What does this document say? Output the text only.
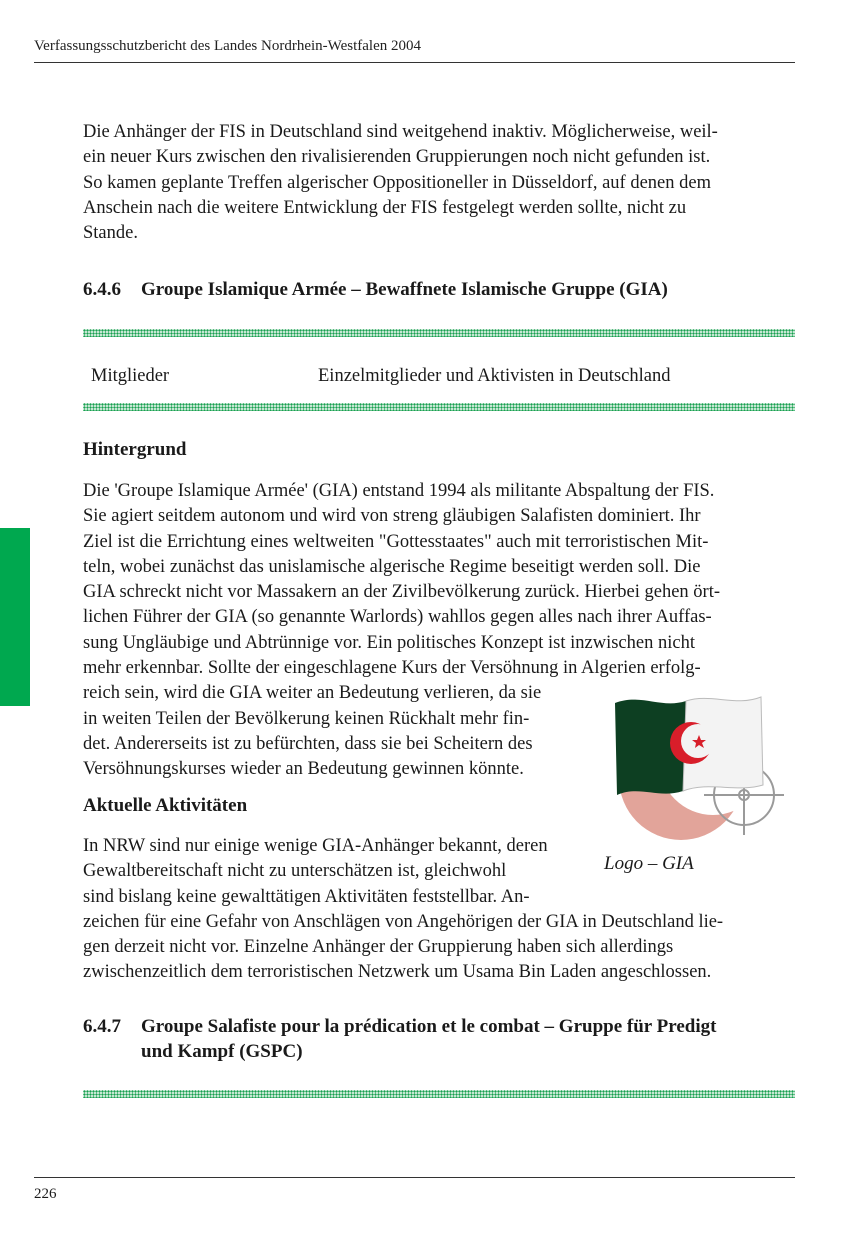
Verfassungsschutzbericht des Landes Nordrhein-Westfalen 2004

Die Anhänger der FIS in Deutschland sind weitgehend inaktiv. Möglicherweise, weil-
ein neuer Kurs zwischen den rivalisierenden Gruppierungen noch nicht gefunden ist.
So kamen geplante Treffen algerischer Oppositioneller in Düsseldorf, auf denen dem
Anschein nach die weitere Entwicklung der FIS festgelegt werden sollte, nicht zu
Stande.

6.4.6 Groupe Islamique Armée – Bewaffnete Islamische Gruppe (GIA)
Mitglieder	Einzelmitglieder und Aktivisten in Deutschland
Hintergrund

Die 'Groupe Islamique Armée' (GIA) entstand 1994 als militante Abspaltung der FIS.
Sie agiert seitdem autonom und wird von streng gläubigen Salafisten dominiert. Ihr
Ziel ist die Errichtung eines weltweiten "Gottesstaates" auch mit terroristischen Mit-
teln, wobei zunächst das unislamische algerische Regime beseitigt werden soll. Die
GIA schreckt nicht vor Massakern an der Zivilbevölkerung zurück. Hierbei gehen ört-
lichen Führer der GIA (so genannte Warlords) wahllos gegen alles nach ihrer Auffas-
sung Ungläubige und Abtrünnige vor. Ein politisches Konzept ist inzwischen nicht
mehr erkennbar. Sollte der eingeschlagene Kurs der Versöhnung in Algerien erfolg-
reich sein, wird die GIA weiter an Bedeutung verlieren, da sie
in weiten Teilen der Bevölkerung keinen Rückhalt mehr fin-
det. Andererseits ist zu befürchten, dass sie bei Scheitern des
Versöhnungskurses wieder an Bedeutung gewinnen könnte.

Aktuelle Aktivitäten

In NRW sind nur einige wenige GIA-Anhänger bekannt, deren
Gewaltbereitschaft nicht zu unterschätzen ist, gleichwohl
sind bislang keine gewalttätigen Aktivitäten feststellbar. An-
zeichen für eine Gefahr von Anschlägen von Angehörigen der GIA in Deutschland lie-
gen derzeit nicht vor. Einzelne Anhänger der Gruppierung haben sich allerdings
zwischenzeitlich dem terroristischen Netzwerk um Usama Bin Laden angeschlossen.

Logo – GIA
6.4.7 Groupe Salafiste pour la prédication et le combat – Gruppe für Predigt
und Kampf (GSPC)
226
